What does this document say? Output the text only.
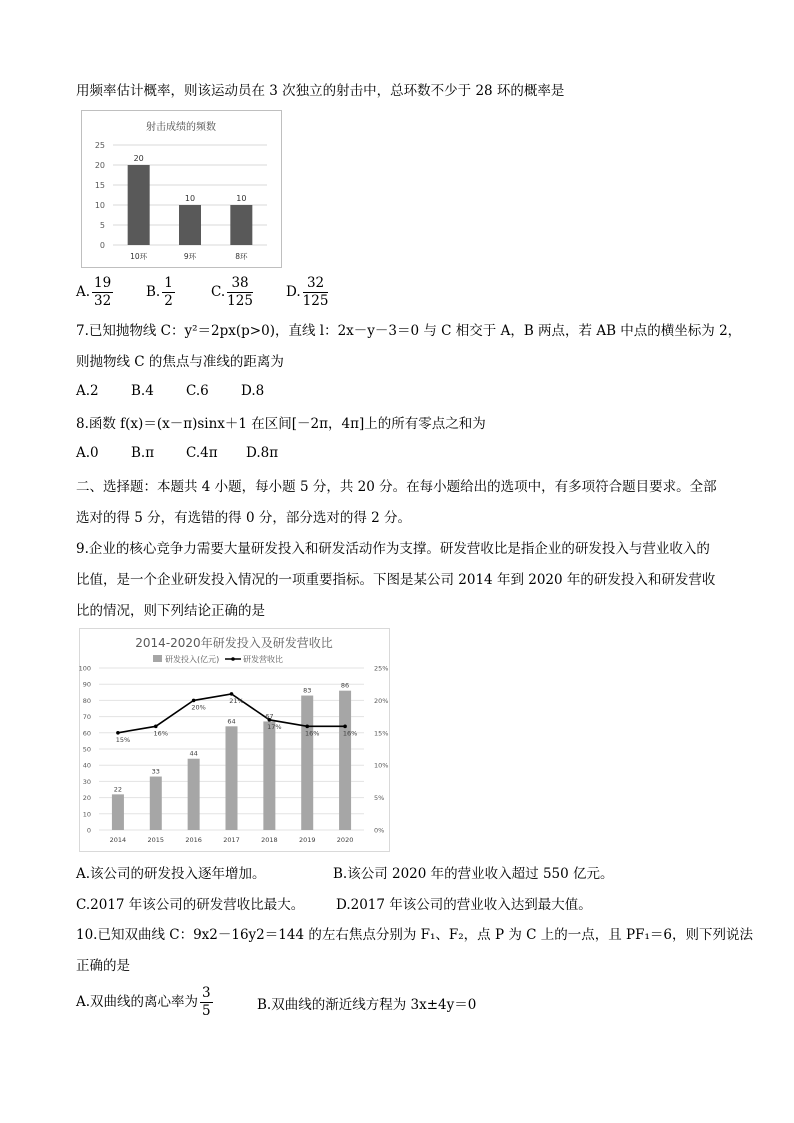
用频率估计概率，则该运动员在 3 次独立的射击中，总环数不少于 28 环的概率是
射击成绩的频数
0
5
10
15
20
25
20
10环
10
9环
10
8环
A. $\frac{19}{32} B$. $\frac{1}{2}$	C. $\frac{38}{125} D$. $\frac{32}{125}$
7.已知抛物线 C：y²＝2px(p>0)，直线 l：2x－y－3＝0 与 C 相交于 A，B 两点，若 AB 中点的横坐标为 2，
则抛物线 C 的焦点与准线的距离为
A.2 B.4 C.6 D.8
8.函数 f(x)＝(x－π)sinx＋1 在区间[－2π，4π]上的所有零点之和为
A.0 B.π C.4π D.8π
二、选择题：本题共 4 小题，每小题 5 分，共 20 分。在每小题给出的选项中，有多项符合题目要求。全部
选对的得 5 分，有选错的得 0 分，部分选对的得 2 分。
9.企业的核心竞争力需要大量研发投入和研发活动作为支撑。研发营收比是指企业的研发投入与营业收入的
比值，是一个企业研发投入情况的一项重要指标。下图是某公司 2014 年到 2020 年的研发投入和研发营收
比的情况，则下列结论正确的是
2014-2020年研发投入及研发营收比
研发投入(亿元)	研发营收比
0
10
20
30
40
50
60
70
80
90
100
0%
5%
10%
15%
20%
25%
22
2014
33
2015
44
2016
64
2017
67
2018
83
2019
86
2020
15%
16%
20%
21%
17%
16%	16%
A.该公司的研发投入逐年增加。	B.该公司 2020 年的营业收入超过 550 亿元。
C.2017 年该公司的研发营收比最大。 D.2017 年该公司的营业收入达到最大值。
10.已知双曲线 C：9x2－16y2＝144 的左右焦点分别为 F₁、F₂，点 P 为 C 上的一点，且 PF₁＝6，则下列说法
正确的是
A.双曲线的离心率为 $\frac{3}{5}$	B.双曲线的渐近线方程为 3x±4y＝0
